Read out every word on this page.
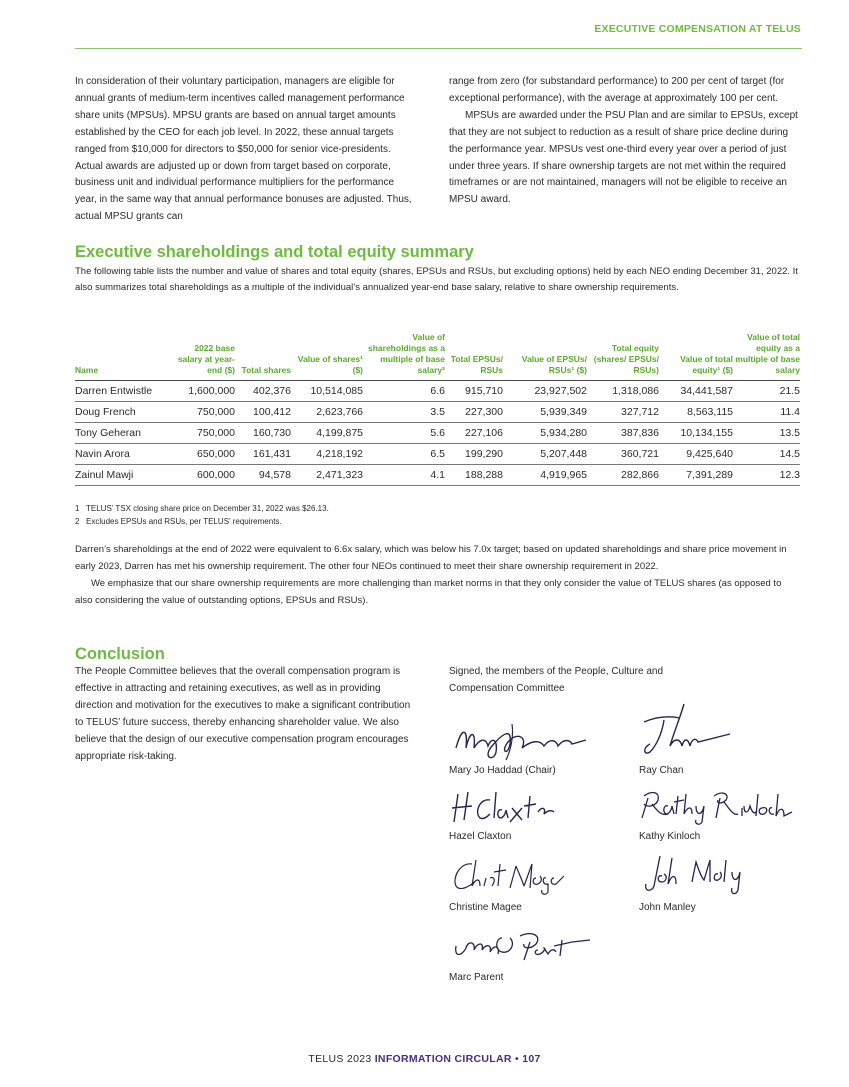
EXECUTIVE COMPENSATION AT TELUS

In consideration of their voluntary participation, managers are eligible for annual grants of medium-term incentives called management performance share units (MPSUs). MPSU grants are based on annual target amounts established by the CEO for each job level. In 2022, these annual targets ranged from $10,000 for directors to $50,000 for senior vice-presidents. Actual awards are adjusted up or down from target based on corporate, business unit and individual performance multipliers for the performance year, in the same way that annual performance bonuses are adjusted. Thus, actual MPSU grants can

range from zero (for substandard performance) to 200 per cent of target (for exceptional performance), with the average at approximately 100 per cent.

MPSUs are awarded under the PSU Plan and are similar to EPSUs, except that they are not subject to reduction as a result of share price decline during the performance year. MPSUs vest one-third every year over a period of just under three years. If share ownership targets are not met within the required timeframes or are not maintained, managers will not be eligible to receive an MPSU award.

Executive shareholdings and total equity summary

The following table lists the number and value of shares and total equity (shares, EPSUs and RSUs, but excluding options) held by each NEO ending December 31, 2022. It also summarizes total shareholdings as a multiple of the individual’s annualized year-end base salary, relative to share ownership requirements.

Name	2022 base salary at year-end ($)	Total shares	Value of shares¹ ($)	Value of shareholdings as a multiple of base salary²	Total EPSUs/ RSUs	Value of EPSUs/ RSUs¹ ($)	Total equity (shares/ EPSUs/ RSUs)	Value of total equity¹ ($)	Value of total equity as a multiple of base salary
Darren Entwistle	1,600,000	402,376	10,514,085	6.6	915,710	23,927,502	1,318,086	34,441,587	21.5
Doug French	750,000	100,412	2,623,766	3.5	227,300	5,939,349	327,712	8,563,115	11.4
Tony Geheran	750,000	160,730	4,199,875	5.6	227,106	5,934,280	387,836	10,134,155	13.5
Navin Arora	650,000	161,431	4,218,192	6.5	199,290	5,207,448	360,721	9,425,640	14.5
Zainul Mawji	600,000	94,578	2,471,323	4.1	188,288	4,919,965	282,866	7,391,289	12.3
1 TELUS’ TSX closing share price on December 31, 2022 was $26.13.
2 Excludes EPSUs and RSUs, per TELUS’ requirements.

Darren’s shareholdings at the end of 2022 were equivalent to 6.6x salary, which was below his 7.0x target; based on updated shareholdings and share price movement in early 2023, Darren has met his ownership requirement. The other four NEOs continued to meet their share ownership requirement in 2022.

We emphasize that our share ownership requirements are more challenging than market norms in that they only consider the value of TELUS shares (as opposed to also considering the value of outstanding options, EPSUs and RSUs).

Conclusion

The People Committee believes that the overall compensation program is effective in attracting and retaining executives, as well as in providing direction and motivation for the executives to make a significant contribution to TELUS’ future success, thereby enhancing shareholder value. We also believe that the design of our executive compensation program encourages appropriate risk-taking.

Signed, the members of the People, Culture and Compensation Committee
Mary Jo Haddad (Chair)	Ray Chan
Hazel Claxton	Kathy Kinloch
Christine Magee	John Manley
Marc Parent
TELUS 2023 INFORMATION CIRCULAR • 107
